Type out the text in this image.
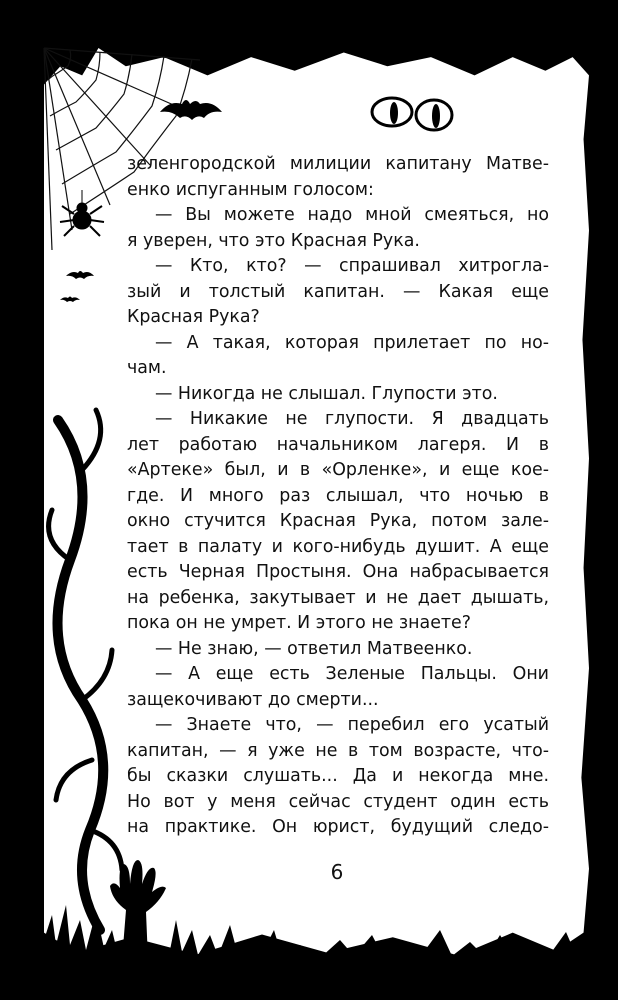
зеленгородской милиции капитану Матве-
енко испуганным голосом:
— Вы можете надо мной смеяться, но
я уверен, что это Красная Рука.
— Кто, кто? — спрашивал хитрогла-
зый и толстый капитан. — Какая еще
Красная Рука?
— А такая, которая прилетает по но-
чам.
— Никогда не слышал. Глупости это.
— Никакие не глупости. Я двадцать
лет работаю начальником лагеря. И в
«Артеке» был, и в «Орленке», и еще кое-
где. И много раз слышал, что ночью в
окно стучится Красная Рука, потом зале-
тает в палату и кого-нибудь душит. А еще
есть Черная Простыня. Она набрасывается
на ребенка, закутывает и не дает дышать,
пока он не умрет. И этого не знаете?
— Не знаю, — ответил Матвеенко.
— А еще есть Зеленые Пальцы. Они
защекочивают до смерти...
— Знаете что, — перебил его усатый
капитан, — я уже не в том возрасте, что-
бы сказки слушать... Да и некогда мне.
Но вот у меня сейчас студент один есть
на практике. Он юрист, будущий следо-
6
